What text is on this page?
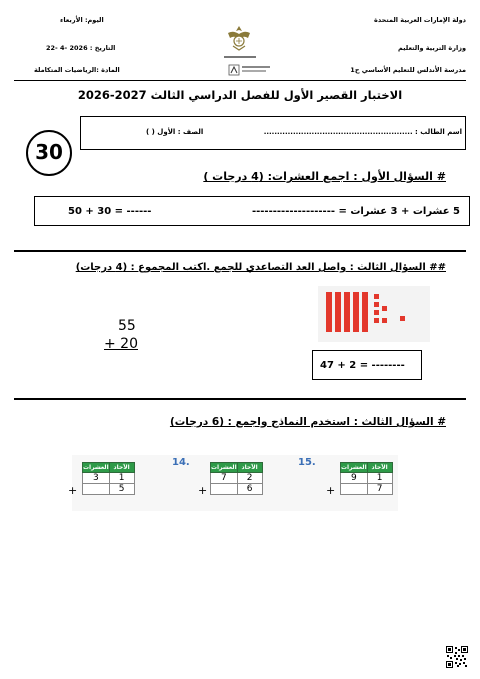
دولة الإمارات العربية المتحدة
وزارة التربية والتعليم
مدرسة الأندلس للتعليم الأساسي ح1
اليوم: الأربعاء
التاريخ : 2026 -4 -22
المادة :الرياضيات المتكاملة
الاختبار القصير الأول للفصل الدراسي الثالث 2027-2026
اسم الطالب : ........................................................
الصف : الأول ( )
30
# السؤال الأول : اجمع العشرات: (4 درجات )
5 عشرات + 3 عشرات = --------------------
50 + 30 = ------
## السؤال الثالث : واصل العد التصاعدي للجمع .اكتب المجموع : (4 درجات)
55
+ 20
47 + 2 = --------
# السؤال الثالث : استخدم النماذج واجمع : (6 درجات)
العشرات	الآحاد
3	1
	5
+
14.	العشرات	الآحاد
7	2
	6
+
15.	العشرات	الآحاد
9	1
	7
+
